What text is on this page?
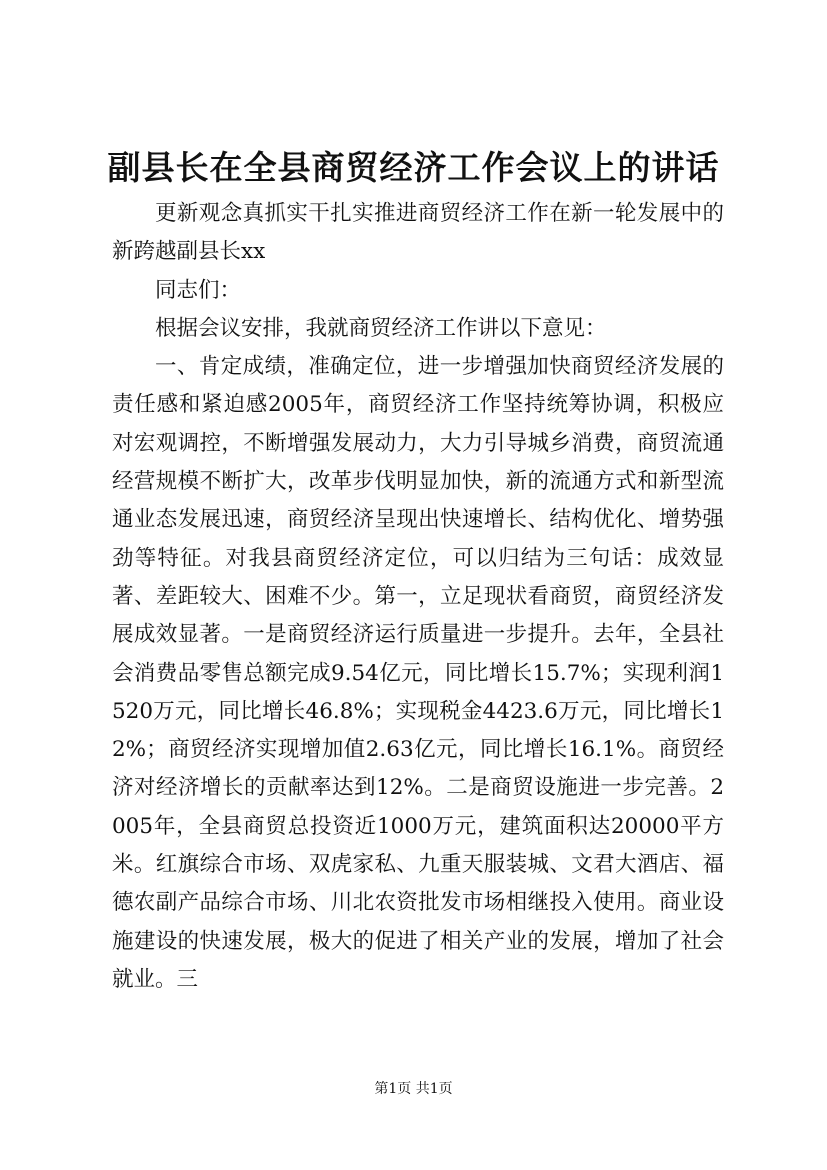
副县长在全县商贸经济工作会议上的讲话

更新观念真抓实干扎实推进商贸经济工作在新一轮发展中的新跨越副县长xx

同志们：

根据会议安排，我就商贸经济工作讲以下意见：

一、肯定成绩，准确定位，进一步增强加快商贸经济发展的责任感和紧迫感2005年，商贸经济工作坚持统筹协调，积极应对宏观调控，不断增强发展动力，大力引导城乡消费，商贸流通经营规模不断扩大，改革步伐明显加快，新的流通方式和新型流通业态发展迅速，商贸经济呈现出快速增长、结构优化、增势强劲等特征。对我县商贸经济定位，可以归结为三句话：成效显著、差距较大、困难不少。第一，立足现状看商贸，商贸经济发展成效显著。一是商贸经济运行质量进一步提升。去年，全县社会消费品零售总额完成9.54亿元，同比增长15.7%；实现利润1520万元，同比增长46.8%；实现税金4423.6万元，同比增长12%；商贸经济实现增加值2.63亿元，同比增长16.1%。商贸经济对经济增长的贡献率达到12%。二是商贸设施进一步完善。2005年，全县商贸总投资近1000万元，建筑面积达20000平方米。红旗综合市场、双虎家私、九重天服装城、文君大酒店、福德农副产品综合市场、川北农资批发市场相继投入使用。商业设施建设的快速发展，极大的促进了相关产业的发展，增加了社会就业。三

第1页 共1页
